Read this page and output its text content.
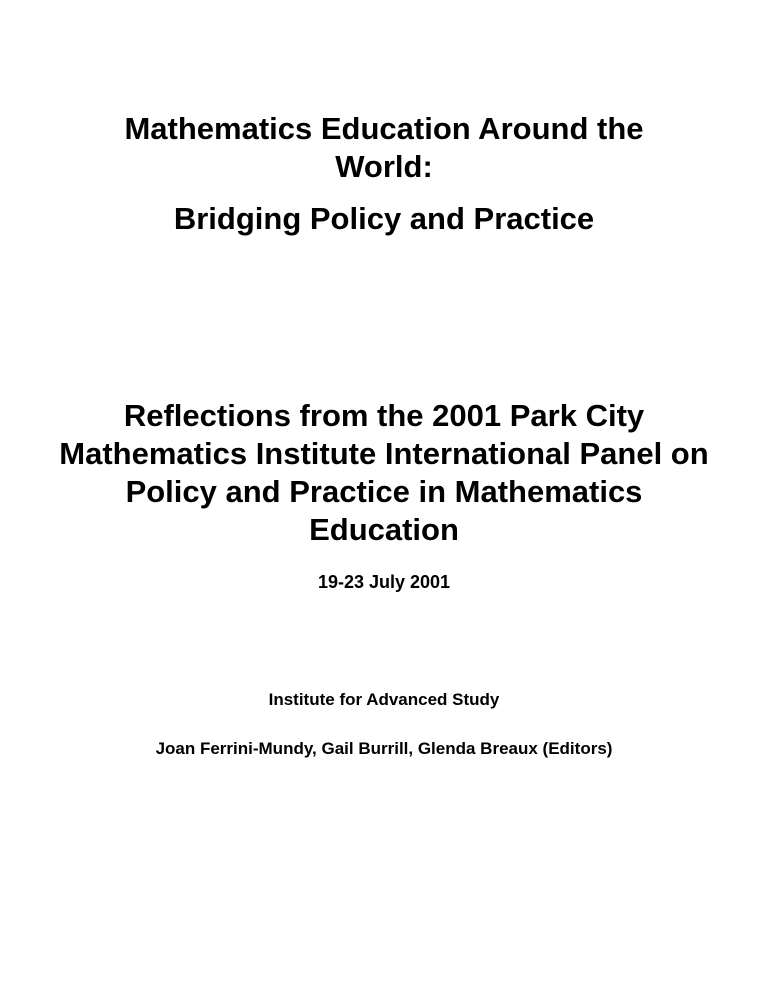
Mathematics Education Around the
World:
Bridging Policy and Practice
Reflections from the 2001 Park City
Mathematics Institute International Panel on
Policy and Practice in Mathematics
Education
19-23 July 2001
Institute for Advanced Study
Joan Ferrini-Mundy, Gail Burrill, Glenda Breaux (Editors)
